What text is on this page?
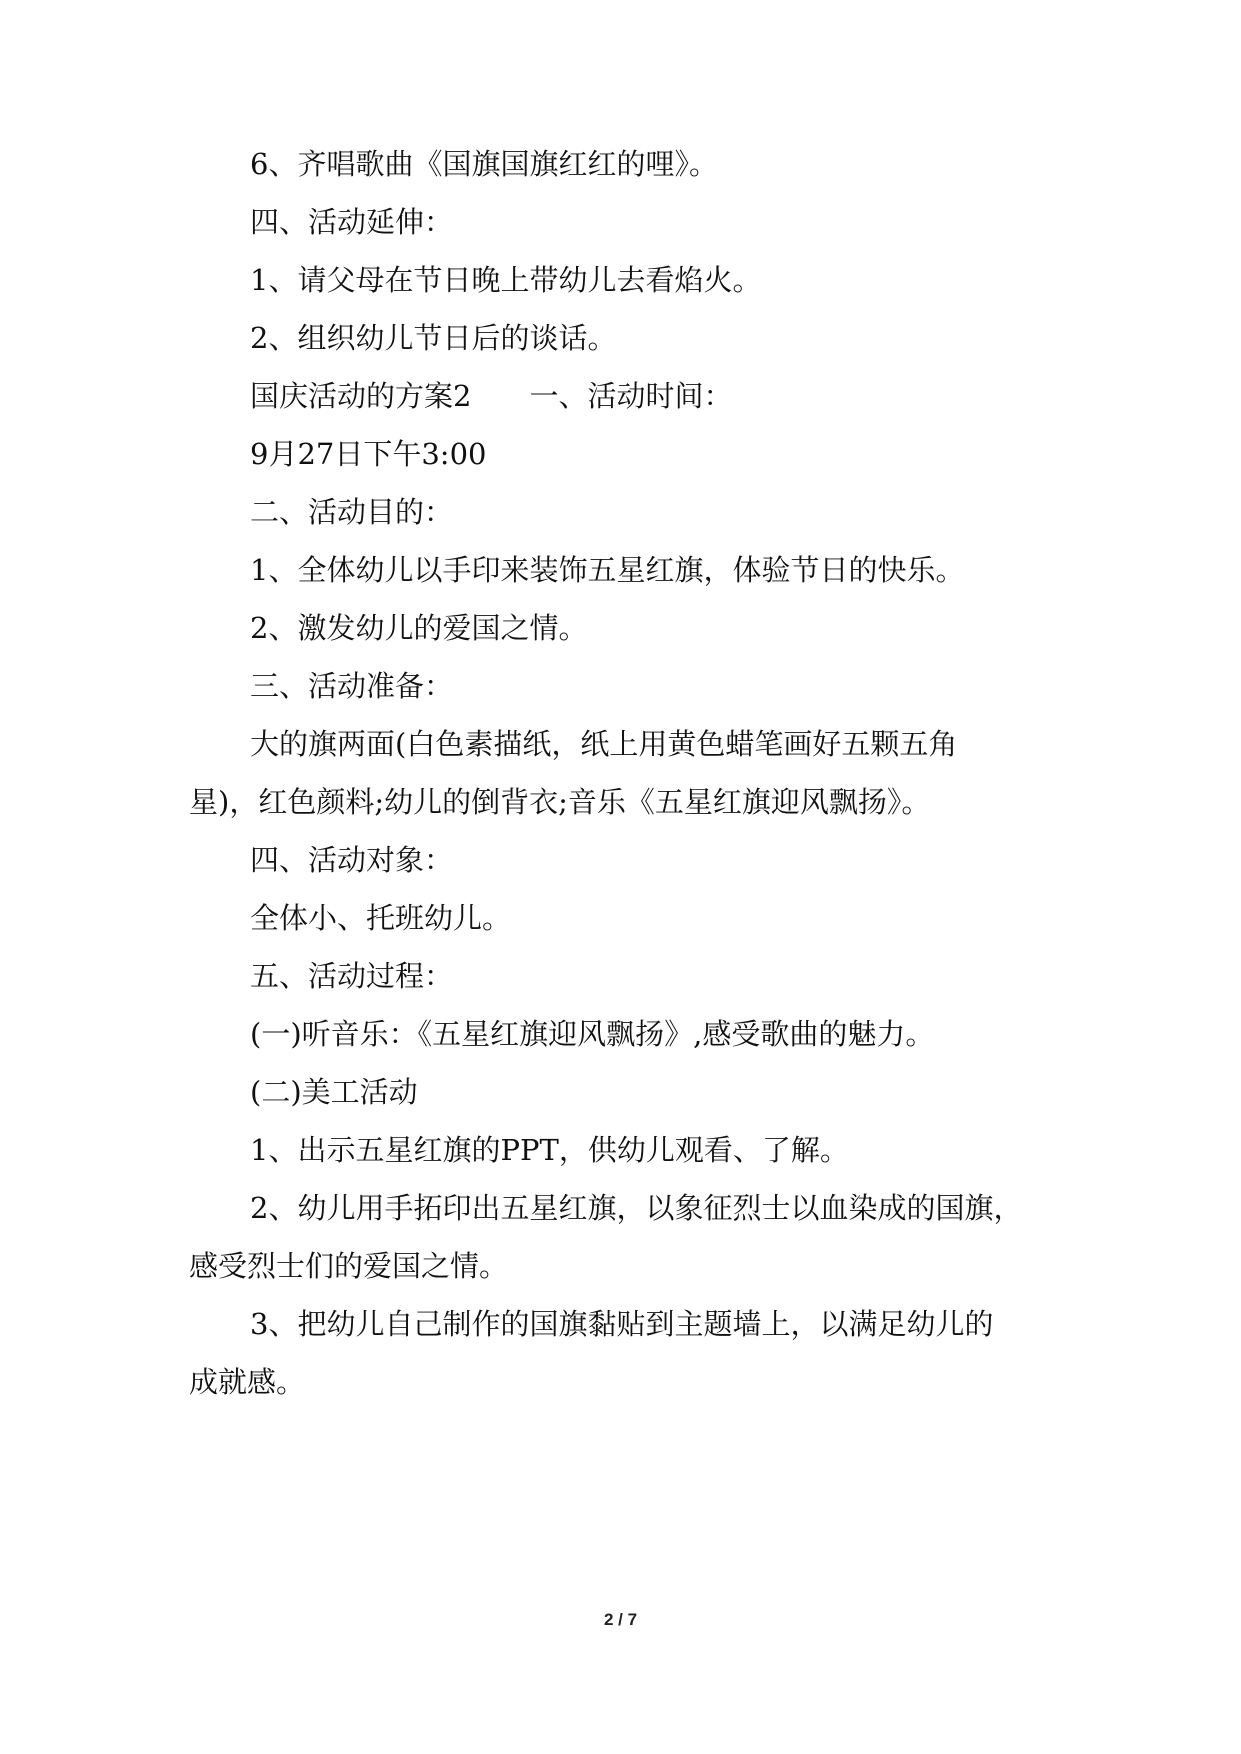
6、齐唱歌曲《国旗国旗红红的哩》。

四、活动延伸：

1、请父母在节日晚上带幼儿去看焰火。

2、组织幼儿节日后的谈话。

国庆活动的方案2　　一、活动时间：

9月27日下午3:00

二、活动目的：

1、全体幼儿以手印来装饰五星红旗，体验节日的快乐。

2、激发幼儿的爱国之情。

三、活动准备：

大的旗两面(白色素描纸，纸上用黄色蜡笔画好五颗五角

星)，红色颜料;幼儿的倒背衣;音乐《五星红旗迎风飘扬》。

四、活动对象：

全体小、托班幼儿。

五、活动过程：

(一)听音乐：《五星红旗迎风飘扬》,感受歌曲的魅力。

(二)美工活动

1、出示五星红旗的PPT，供幼儿观看、了解。

2、幼儿用手拓印出五星红旗，以象征烈士以血染成的国旗，

感受烈士们的爱国之情。

3、把幼儿自己制作的国旗黏贴到主题墙上，以满足幼儿的

成就感。

2 / 7
